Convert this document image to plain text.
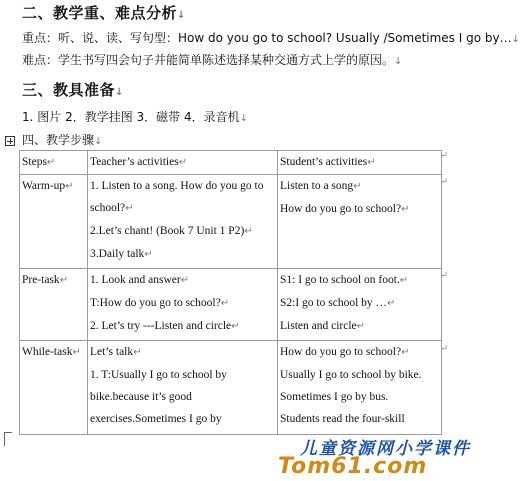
二、教学重、难点分析↓
重点：听、说、读、写句型：How do you go to school? Usually /Sometimes I go by…↓
难点：学生书写四会句子并能简单陈述选择某种交通方式上学的原因。↓
三、教具准备↓
1. 图片 2．教学挂图 3．磁带 4．录音机↓
四、教学步骤↓
Steps↵	Teacher’s activities↵	Student’s activities↵
Warm-up↵	1. Listen to a song. How do you go to
school?↵
2.Let’s chant! (Book 7 Unit 1 P2)↵
3.Daily talk↵	Listen to a song↵
How do you go to school?↵

Pre-task↵	1. Look and answer↵
T:How do you go to school?↵
2. Let’s try ---Listen and circle↵	S1: I go to school on foot.↵
S2:I go to school by …↵
Listen and circle↵

While-task↵	Let’s talk↵
1. T:Usually I go to school by
bike.because it’s good
exercises.Sometimes I go by	How do you go to school?↵
Usually I go to school by bike.
Sometimes I go by bus.
Students read the four-skill
↵
↵
↵
↵
儿童资源网小学课件
Tom61.com
